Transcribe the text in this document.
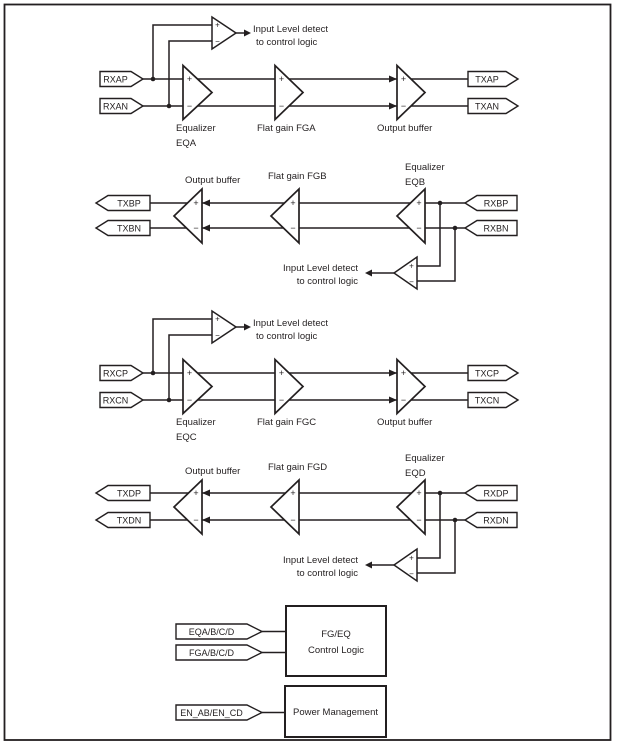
+
−
Input Level detect
to control logic
+
−
+
−
+
−
RXAP
RXAN
TXAP
TXAN
Equalizer
EQA
Flat gain FGA	Output buffer
+
−
Input Level detect
to control logic
+
−
+
−
+
−
TXBP
TXBN
RXBP
RXBN
Output buffer	Flat gain FGB
Equalizer
EQB
+
−
Input Level detect
to control logic
+
−
+
−
+
−
RXCP
RXCN
TXCP
TXCN
Equalizer
EQC
Flat gain FGC	Output buffer
+
−
Input Level detect
to control logic
+
−
+
−
+
−
TXDP
TXDN
RXDP
RXDN
Output buffer	Flat gain FGD
Equalizer
EQD
EQA/B/C/D
FGA/B/C/D
FG/EQ
Control Logic
EN_AB/EN_CD	Power Management
